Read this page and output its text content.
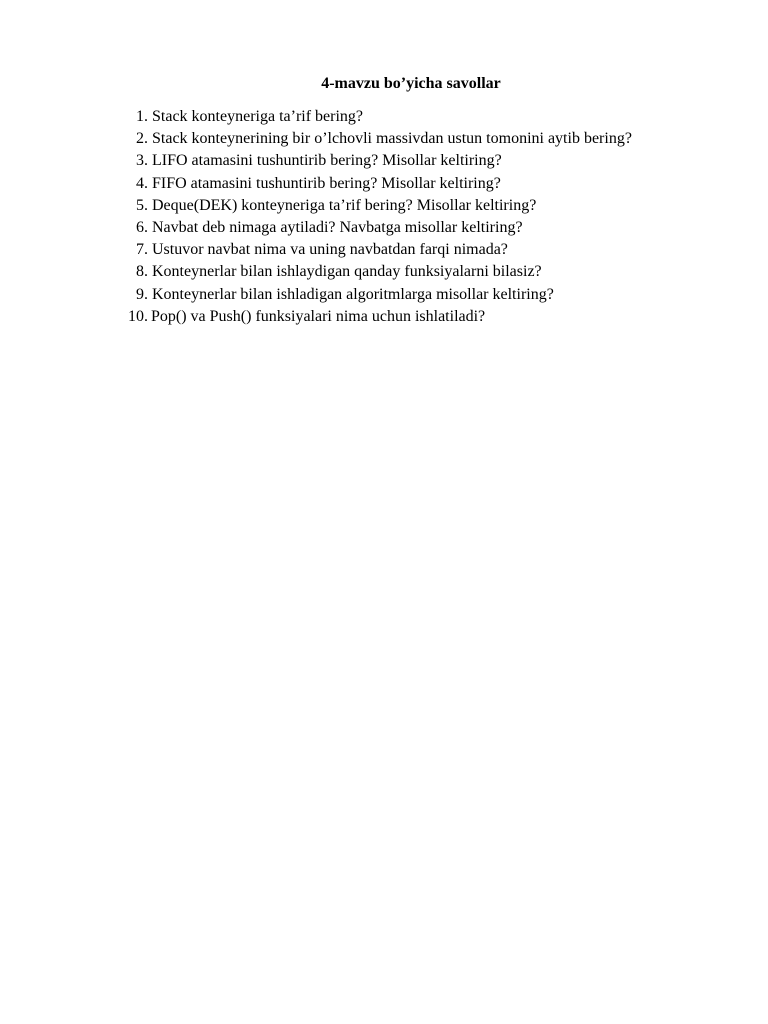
4-mavzu bo’yicha savollar
1. Stack konteyneriga ta’rif bering?
2. Stack konteynerining bir o’lchovli massivdan ustun tomonini aytib bering?
3. LIFO atamasini tushuntirib bering? Misollar keltiring?
4. FIFO atamasini tushuntirib bering? Misollar keltiring?
5. Deque(DEK) konteyneriga ta’rif bering? Misollar keltiring?
6. Navbat deb nimaga aytiladi? Navbatga misollar keltiring?
7. Ustuvor navbat nima va uning navbatdan farqi nimada?
8. Konteynerlar bilan ishlaydigan qanday funksiyalarni bilasiz?
9. Konteynerlar bilan ishladigan algoritmlarga misollar keltiring?
10. Pop() va Push() funksiyalari nima uchun ishlatiladi?
